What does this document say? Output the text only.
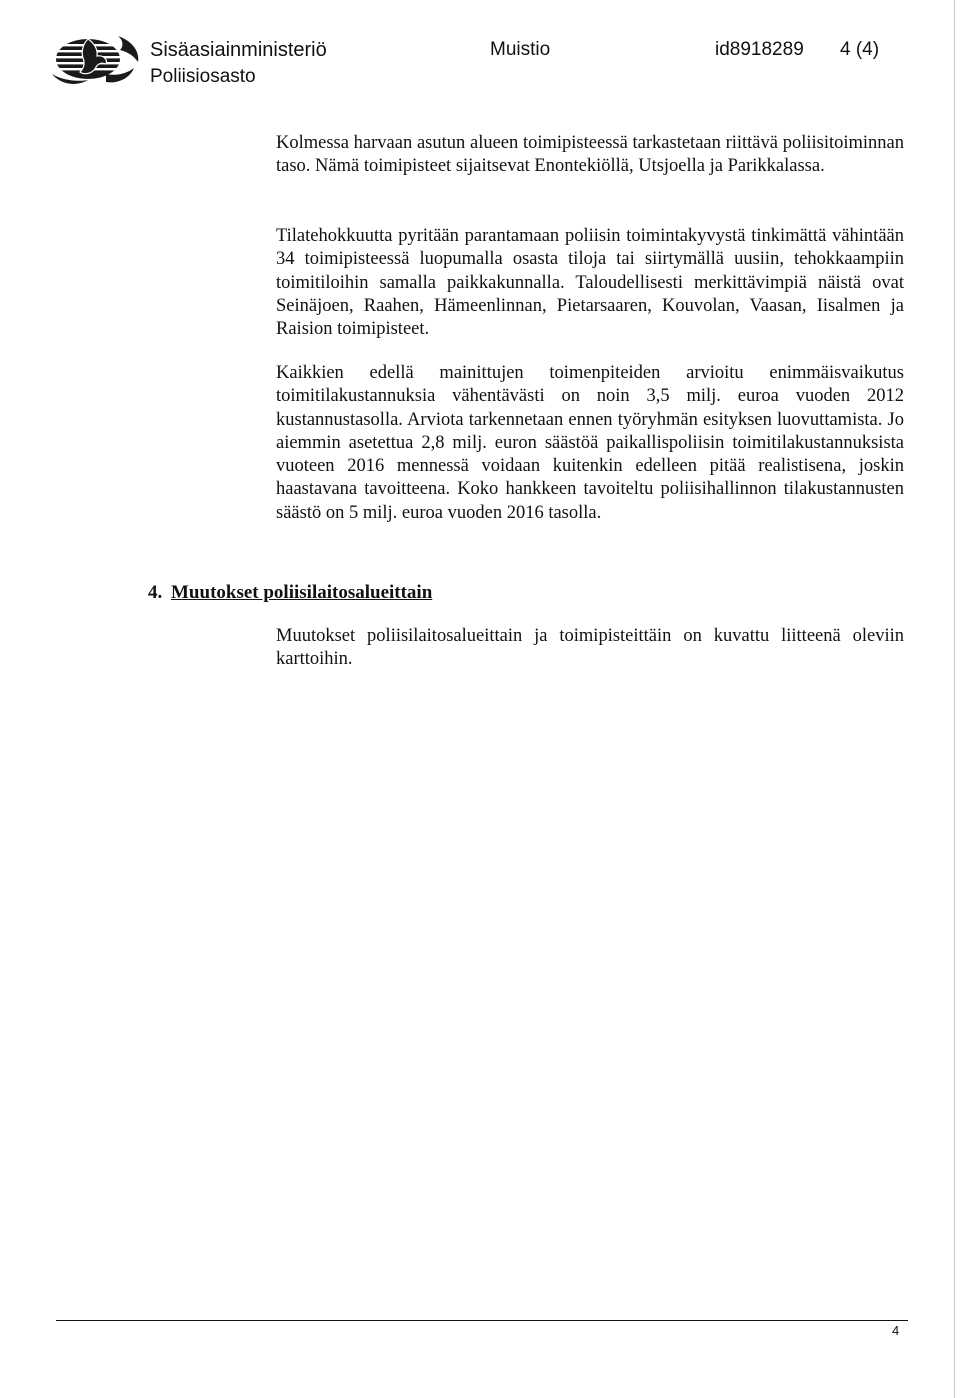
Sisäasiainministeriö
Poliisiosasto
Muistio	id8918289 4 (4)

Kolmessa harvaan asutun alueen toimipisteessä tarkastetaan riittävä poliisitoiminnan taso. Nämä toimipisteet sijaitsevat Enontekiöllä, Utsjoella ja Parikkalassa.

Tilatehokkuutta pyritään parantamaan poliisin toimintakyvystä tinkimättä vähintään 34 toimipisteessä luopumalla osasta tiloja tai siirtymällä uusiin, tehokkaampiin toimitiloihin samalla paikkakunnalla. Taloudellisesti merkittävimpiä näistä ovat Seinäjoen, Raahen, Hämeenlinnan, Pietarsaaren, Kouvolan, Vaasan, Iisalmen ja Raision toimipisteet.

Kaikkien edellä mainittujen toimenpiteiden arvioitu enimmäisvaikutus toimitilakustannuksia vähentävästi on noin 3,5 milj. euroa vuoden 2012 kustannustasolla. Arviota tarkennetaan ennen työryhmän esityksen luovuttamista. Jo aiemmin asetettua 2,8 milj. euron säästöä paikallispoliisin toimitilakustannuksista vuoteen 2016 mennessä voidaan kuitenkin edelleen pitää realistisena, joskin haastavana tavoitteena. Koko hankkeen tavoiteltu poliisihallinnon tilakustannusten säästö on 5 milj. euroa vuoden 2016 tasolla.

4. Muutokset poliisilaitosalueittain

Muutokset poliisilaitosalueittain ja toimipisteittäin on kuvattu liitteenä oleviin karttoihin.

4
